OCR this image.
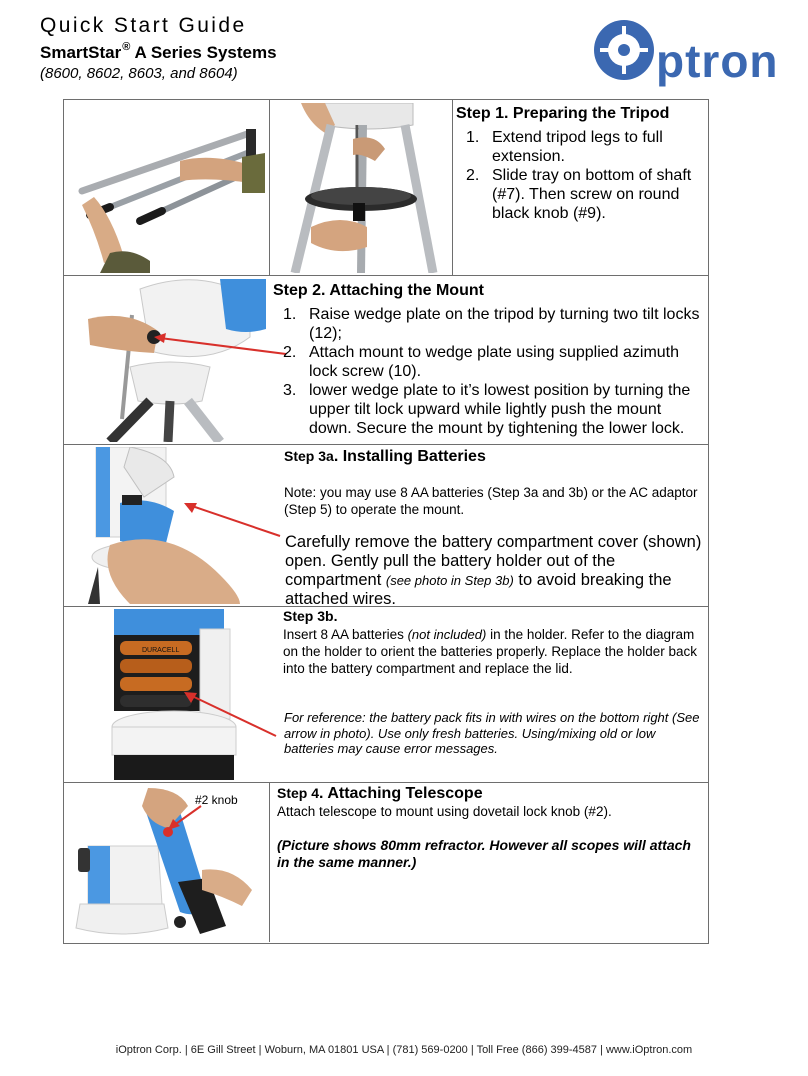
Quick Start Guide
SmartStar® A Series Systems
(8600, 8602, 8603, and 8604)	ptron
Step 1. Preparing the Tripod
1. Extend tripod legs to full extension.
2. Slide tray on bottom of shaft (#7). Then screw on round black knob (#9).
Step 2. Attaching the Mount
1. Raise wedge plate on the tripod by turning two tilt locks (12);
2. Attach mount to wedge plate using supplied azimuth lock screw (10).
3. lower wedge plate to it’s lowest position by turning the upper tilt lock upward while lightly push the mount down. Secure the mount by tightening the lower lock.
Step 3a. Installing Batteries
Note: you may use 8 AA batteries (Step 3a and 3b) or the AC adaptor (Step 5) to operate the mount.
Carefully remove the battery compartment cover (shown) open. Gently pull the battery holder out of the compartment (see photo in Step 3b) to avoid breaking the attached wires.
DURACELL
Step 3b.
Insert 8 AA batteries (not included) in the holder. Refer to the diagram on the holder to orient the batteries properly. Replace the holder back into the battery compartment and replace the lid.
For reference: the battery pack fits in with wires on the bottom right (See arrow in photo). Use only fresh batteries. Using/mixing old or low batteries may cause error messages.
#2 knob	Step 4. Attaching Telescope
Attach telescope to mount using dovetail lock knob (#2).
(Picture shows 80mm refractor. However all scopes will attach in the same manner.)
iOptron Corp. | 6E Gill Street | Woburn, MA 01801 USA | (781) 569-0200 | Toll Free (866) 399-4587 | www.iOptron.com
